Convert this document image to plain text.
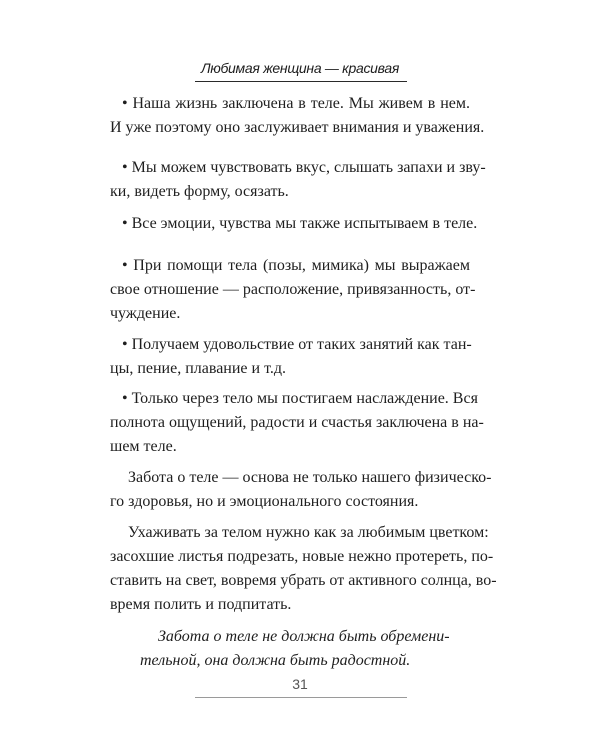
Любимая женщина — красивая

• Наша жизнь заключена в теле. Мы живем в нем.
И уже поэтому оно заслуживает внимания и уважения.

• Мы можем чувствовать вкус, слышать запахи и зву-
ки, видеть форму, осязать.

• Все эмоции, чувства мы также испытываем в теле.

• При помощи тела (позы, мимика) мы выражаем
свое отношение — расположение, привязанность, от-
чуждение.

• Получаем удовольствие от таких занятий как тан-
цы, пение, плавание и т.д.

• Только через тело мы постигаем наслаждение. Вся
полнота ощущений, радости и счастья заключена в на-
шем теле.

Забота о теле — основа не только нашего физическо-
го здоровья, но и эмоционального состояния.

Ухаживать за телом нужно как за любимым цветком:
засохшие листья подрезать, новые нежно протереть, по-
ставить на свет, вовремя убрать от активного солнца, во-
время полить и подпитать.

Забота о теле не должна быть обремени-
тельной, она должна быть радостной.

31
